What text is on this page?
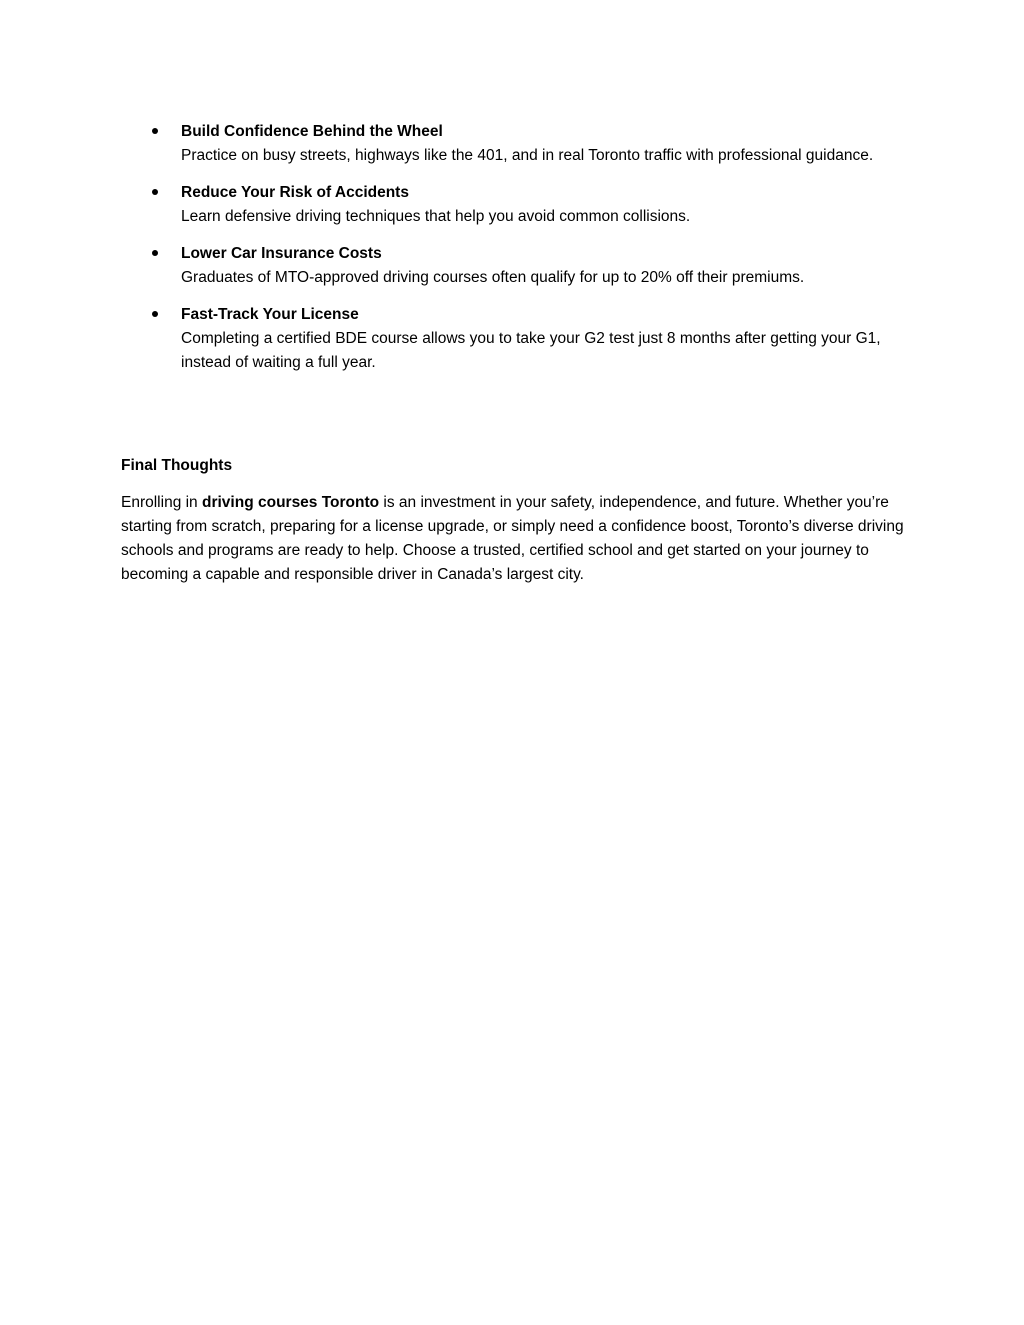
Build Confidence Behind the Wheel
Practice on busy streets, highways like the 401, and in real Toronto traffic with professional guidance.
Reduce Your Risk of Accidents
Learn defensive driving techniques that help you avoid common collisions.
Lower Car Insurance Costs
Graduates of MTO-approved driving courses often qualify for up to 20% off their premiums.
Fast-Track Your License
Completing a certified BDE course allows you to take your G2 test just 8 months after getting your G1, instead of waiting a full year.
Final Thoughts

Enrolling in driving courses Toronto is an investment in your safety, independence, and future. Whether you’re starting from scratch, preparing for a license upgrade, or simply need a confidence boost, Toronto’s diverse driving schools and programs are ready to help. Choose a trusted, certified school and get started on your journey to becoming a capable and responsible driver in Canada’s largest city.
